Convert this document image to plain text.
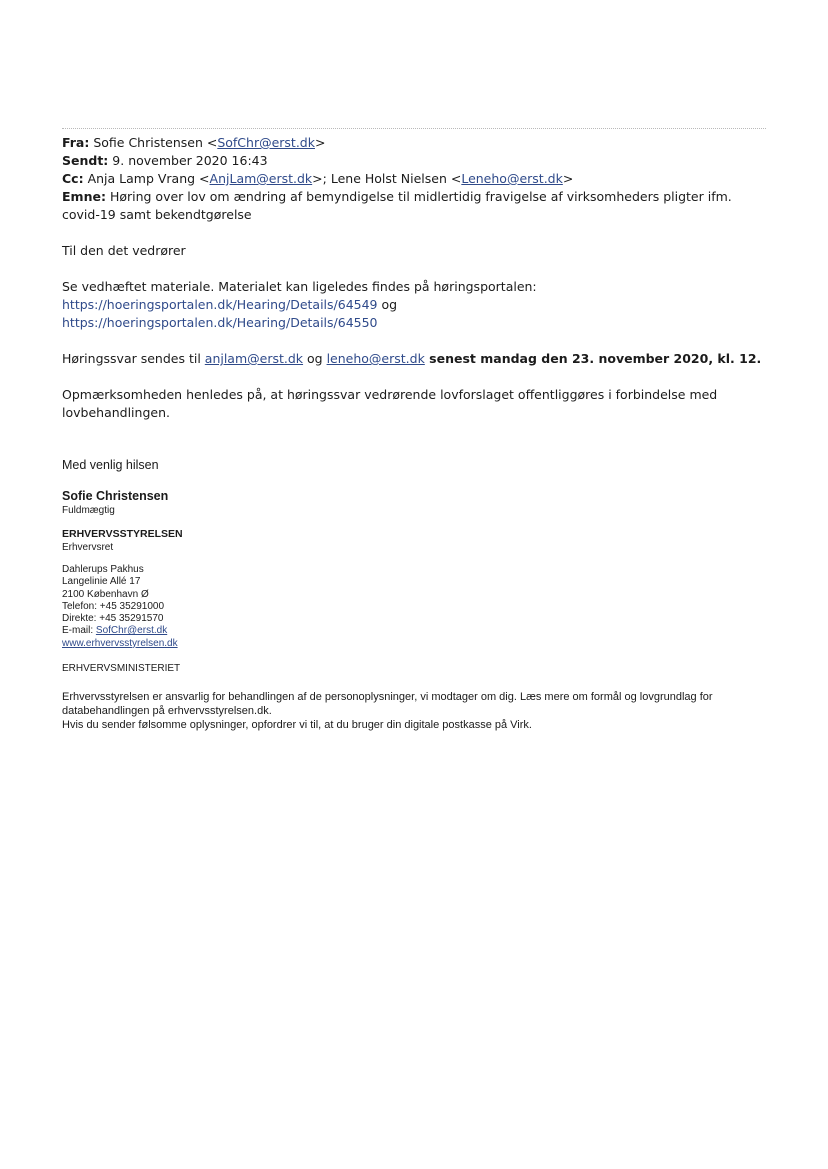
Fra: Sofie Christensen <SofChr@erst.dk>
Sendt: 9. november 2020 16:43
Cc: Anja Lamp Vrang <AnjLam@erst.dk>; Lene Holst Nielsen <Leneho@erst.dk>
Emne: Høring over lov om ændring af bemyndigelse til midlertidig fravigelse af virksomheders pligter ifm. covid-19 samt bekendtgørelse

Til den det vedrører

Se vedhæftet materiale. Materialet kan ligeledes findes på høringsportalen:

https://hoeringsportalen.dk/Hearing/Details/64549 og
https://hoeringsportalen.dk/Hearing/Details/64550

Høringssvar sendes til anjlam@erst.dk og leneho@erst.dk senest mandag den 23. november 2020, kl. 12.

Opmærksomheden henledes på, at høringssvar vedrørende lovforslaget offentliggøres i forbindelse med lovbehandlingen.

Med venlig hilsen
Sofie Christensen
Fuldmægtig
ERHVERVSSTYRELSEN
Erhvervsret
Dahlerups Pakhus
Langelinie Allé 17
2100 København Ø
Telefon: +45 35291000
Direkte: +45 35291570
E-mail: SofChr@erst.dk
www.erhvervsstyrelsen.dk
ERHVERVSMINISTERIET
Erhvervsstyrelsen er ansvarlig for behandlingen af de personoplysninger, vi modtager om dig. Læs mere om formål og lovgrundlag for databehandlingen på erhvervsstyrelsen.dk.
Hvis du sender følsomme oplysninger, opfordrer vi til, at du bruger din digitale postkasse på Virk.
